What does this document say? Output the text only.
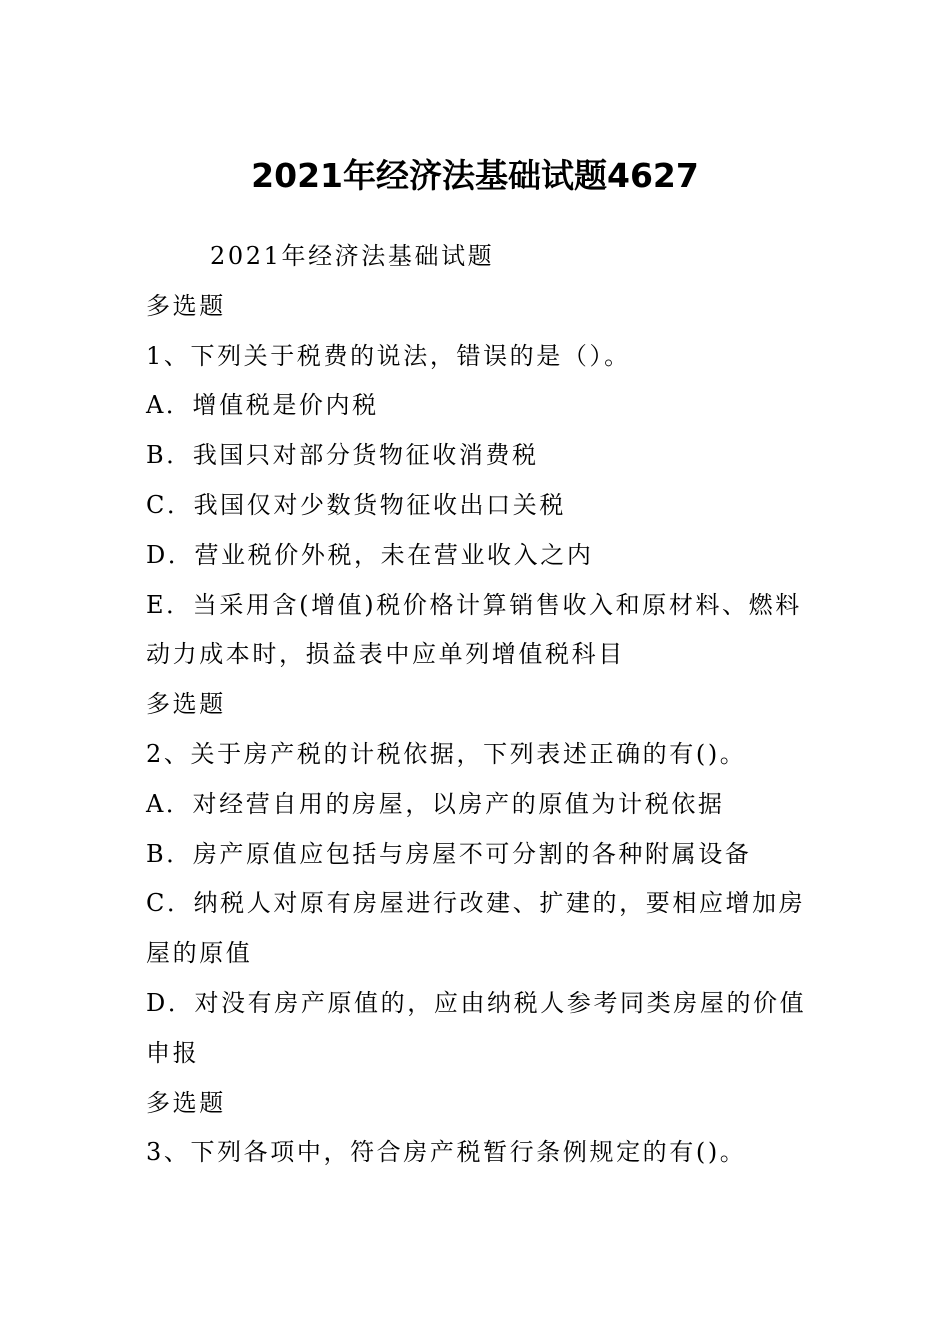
2021年经济法基础试题4627

2021年经济法基础试题

多选题

1、下列关于税费的说法，错误的是（）。

A．增值税是价内税

B．我国只对部分货物征收消费税

C．我国仅对少数货物征收出口关税

D．营业税价外税，未在营业收入之内

E．当采用含(增值)税价格计算销售收入和原材料、燃料动力成本时，损益表中应单列增值税科目

多选题

2、关于房产税的计税依据，下列表述正确的有()。

A．对经营自用的房屋，以房产的原值为计税依据

B．房产原值应包括与房屋不可分割的各种附属设备

C．纳税人对原有房屋进行改建、扩建的，要相应增加房屋的原值

D．对没有房产原值的，应由纳税人参考同类房屋的价值申报

多选题

3、下列各项中，符合房产税暂行条例规定的有()。
